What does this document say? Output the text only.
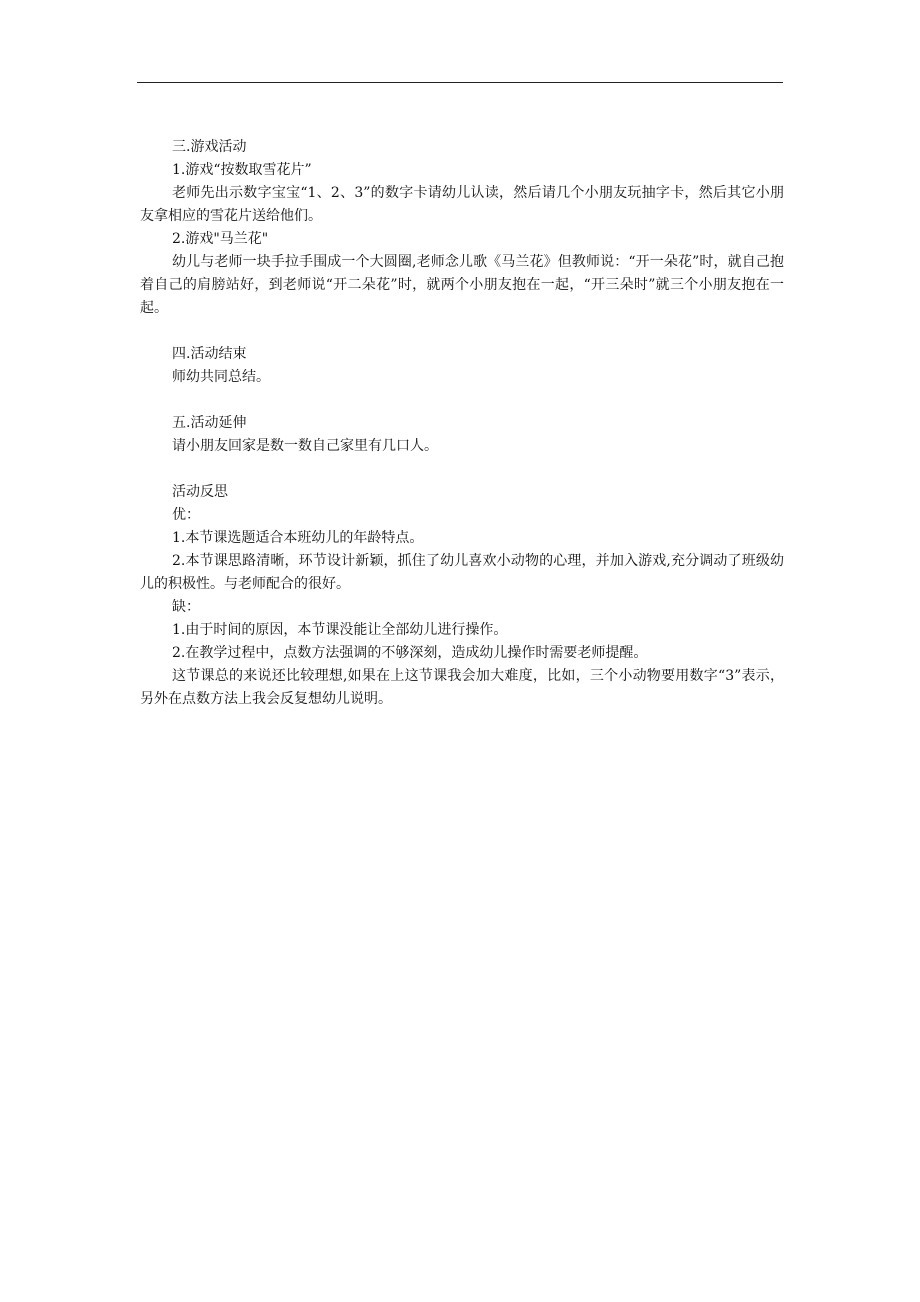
三.游戏活动

1.游戏“按数取雪花片”

老师先出示数字宝宝“1、2、3”的数字卡请幼儿认读，然后请几个小朋友玩抽字卡，然后其它小朋友拿相应的雪花片送给他们。

2.游戏"马兰花"

幼儿与老师一块手拉手围成一个大圆圈,老师念儿歌《马兰花》但教师说：“开一朵花”时，就自己抱着自己的肩膀站好，到老师说“开二朵花”时，就两个小朋友抱在一起，“开三朵时”就三个小朋友抱在一起。

四.活动结束

师幼共同总结。

五.活动延伸

请小朋友回家是数一数自己家里有几口人。

活动反思

优：

1.本节课选题适合本班幼儿的年龄特点。

2.本节课思路清晰，环节设计新颖，抓住了幼儿喜欢小动物的心理，并加入游戏,充分调动了班级幼儿的积极性。与老师配合的很好。

缺：

1.由于时间的原因，本节课没能让全部幼儿进行操作。

2.在教学过程中，点数方法强调的不够深刻，造成幼儿操作时需要老师提醒。

这节课总的来说还比较理想,如果在上这节课我会加大难度，比如，三个小动物要用数字“3”表示，另外在点数方法上我会反复想幼儿说明。
